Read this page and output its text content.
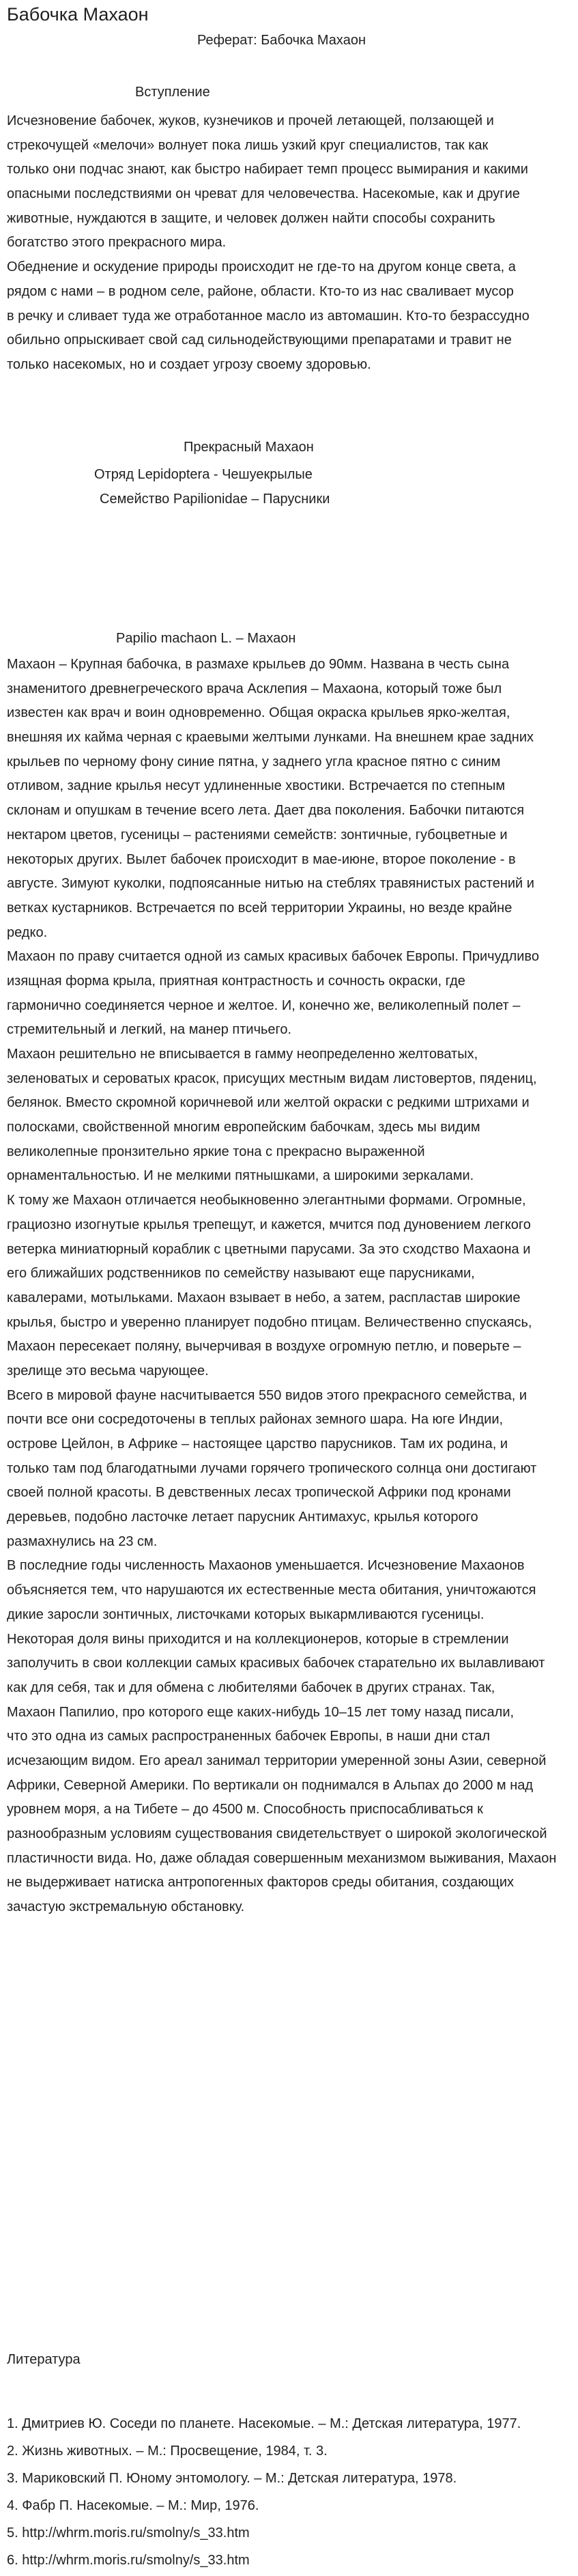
Бабочка Махаон
Реферат: Бабочка Махаон
Вступление
Исчезновение бабочек, жуков, кузнечиков и прочей летающей, ползающей и
стрекочущей «мелочи» волнует пока лишь узкий круг специалистов, так как
только они подчас знают, как быстро набирает темп процесс вымирания и какими
опасными последствиями он чреват для человечества. Насекомые, как и другие
животные, нуждаются в защите, и человек должен найти способы сохранить
богатство этого прекрасного мира.
Обеднение и оскудение природы происходит не где-то на другом конце света, а
рядом с нами – в родном селе, районе, области. Кто-то из нас сваливает мусор
в речку и сливает туда же отработанное масло из автомашин. Кто-то безрассудно
обильно опрыскивает свой сад сильнодействующими препаратами и травит не
только насекомых, но и создает угрозу своему здоровью.
Прекрасный Махаон
Отряд Lepidoptera - Чешуекрылые
Семейство Papilionidae – Парусники
Papilio machaon L. – Махаон
Махаон – Крупная бабочка, в размахе крыльев до 90мм. Названа в честь сына
знаменитого древнегреческого врача Асклепия – Махаона, который тоже был
известен как врач и воин одновременно. Общая окраска крыльев ярко-желтая,
внешняя их кайма черная с краевыми желтыми лунками. На внешнем крае задних
крыльев по черному фону синие пятна, у заднего угла красное пятно с синим
отливом, задние крылья несут удлиненные хвостики. Встречается по степным
склонам и опушкам в течение всего лета. Дает два поколения. Бабочки питаются
нектаром цветов, гусеницы – растениями семейств: зонтичные, губоцветные и
некоторых других. Вылет бабочек происходит в мае-июне, второе поколение - в
августе. Зимуют куколки, подпоясанные нитью на стеблях травянистых растений и
ветках кустарников. Встречается по всей территории Украины, но везде крайне
редко.
Махаон по праву считается одной из самых красивых бабочек Европы. Причудливо
изящная форма крыла, приятная контрастность и сочность окраски, где
гармонично соединяется черное и желтое. И, конечно же, великолепный полет –
стремительный и легкий, на манер птичьего.
Махаон решительно не вписывается в гамму неопределенно желтоватых,
зеленоватых и сероватых красок, присущих местным видам листовертов, пядениц,
белянок. Вместо скромной коричневой или желтой окраски с редкими штрихами и
полосками, свойственной многим европейским бабочкам, здесь мы видим
великолепные пронзительно яркие тона с прекрасно выраженной
орнаментальностью. И не мелкими пятнышками, а широкими зеркалами.
К тому же Махаон отличается необыкновенно элегантными формами. Огромные,
грациозно изогнутые крылья трепещут, и кажется, мчится под дуновением легкого
ветерка миниатюрный кораблик с цветными парусами. За это сходство Махаона и
его ближайших родственников по семейству называют еще парусниками,
кавалерами, мотыльками. Махаон взывает в небо, а затем, распластав широкие
крылья, быстро и уверенно планирует подобно птицам. Величественно спускаясь,
Махаон пересекает поляну, вычерчивая в воздухе огромную петлю, и поверьте –
зрелище это весьма чарующее.
Всего в мировой фауне насчитывается 550 видов этого прекрасного семейства, и
почти все они сосредоточены в теплых районах земного шара. На юге Индии,
острове Цейлон, в Африке – настоящее царство парусников. Там их родина, и
только там под благодатными лучами горячего тропического солнца они достигают
своей полной красоты. В девственных лесах тропической Африки под кронами
деревьев, подобно ласточке летает парусник Антимахус, крылья которого
размахнулись на 23 см.
В последние годы численность Махаонов уменьшается. Исчезновение Махаонов
объясняется тем, что нарушаются их естественные места обитания, уничтожаются
дикие заросли зонтичных, листочками которых выкармливаются гусеницы.
Некоторая доля вины приходится и на коллекционеров, которые в стремлении
заполучить в свои коллекции самых красивых бабочек старательно их вылавливают
как для себя, так и для обмена с любителями бабочек в других странах. Так,
Махаон Папилио, про которого еще каких-нибудь 10–15 лет тому назад писали,
что это одна из самых распространенных бабочек Европы, в наши дни стал
исчезающим видом. Его ареал занимал территории умеренной зоны Азии, северной
Африки, Северной Америки. По вертикали он поднимался в Альпах до 2000 м над
уровнем моря, а на Тибете – до 4500 м. Способность приспосабливаться к
разнообразным условиям существования свидетельствует о широкой экологической
пластичности вида. Но, даже обладая совершенным механизмом выживания, Махаон
не выдерживает натиска антропогенных факторов среды обитания, создающих
зачастую экстремальную обстановку.
Литература
1. Дмитриев Ю. Соседи по планете. Насекомые. – М.: Детская литература, 1977.
2. Жизнь животных. – М.: Просвещение, 1984, т. 3.
3. Мариковский П. Юному энтомологу. – М.: Детская литература, 1978.
4. Фабр П. Насекомые. – М.: Мир, 1976.
5. http://whrm.moris.ru/smolny/s_33.htm
6. http://whrm.moris.ru/smolny/s_33.htm
